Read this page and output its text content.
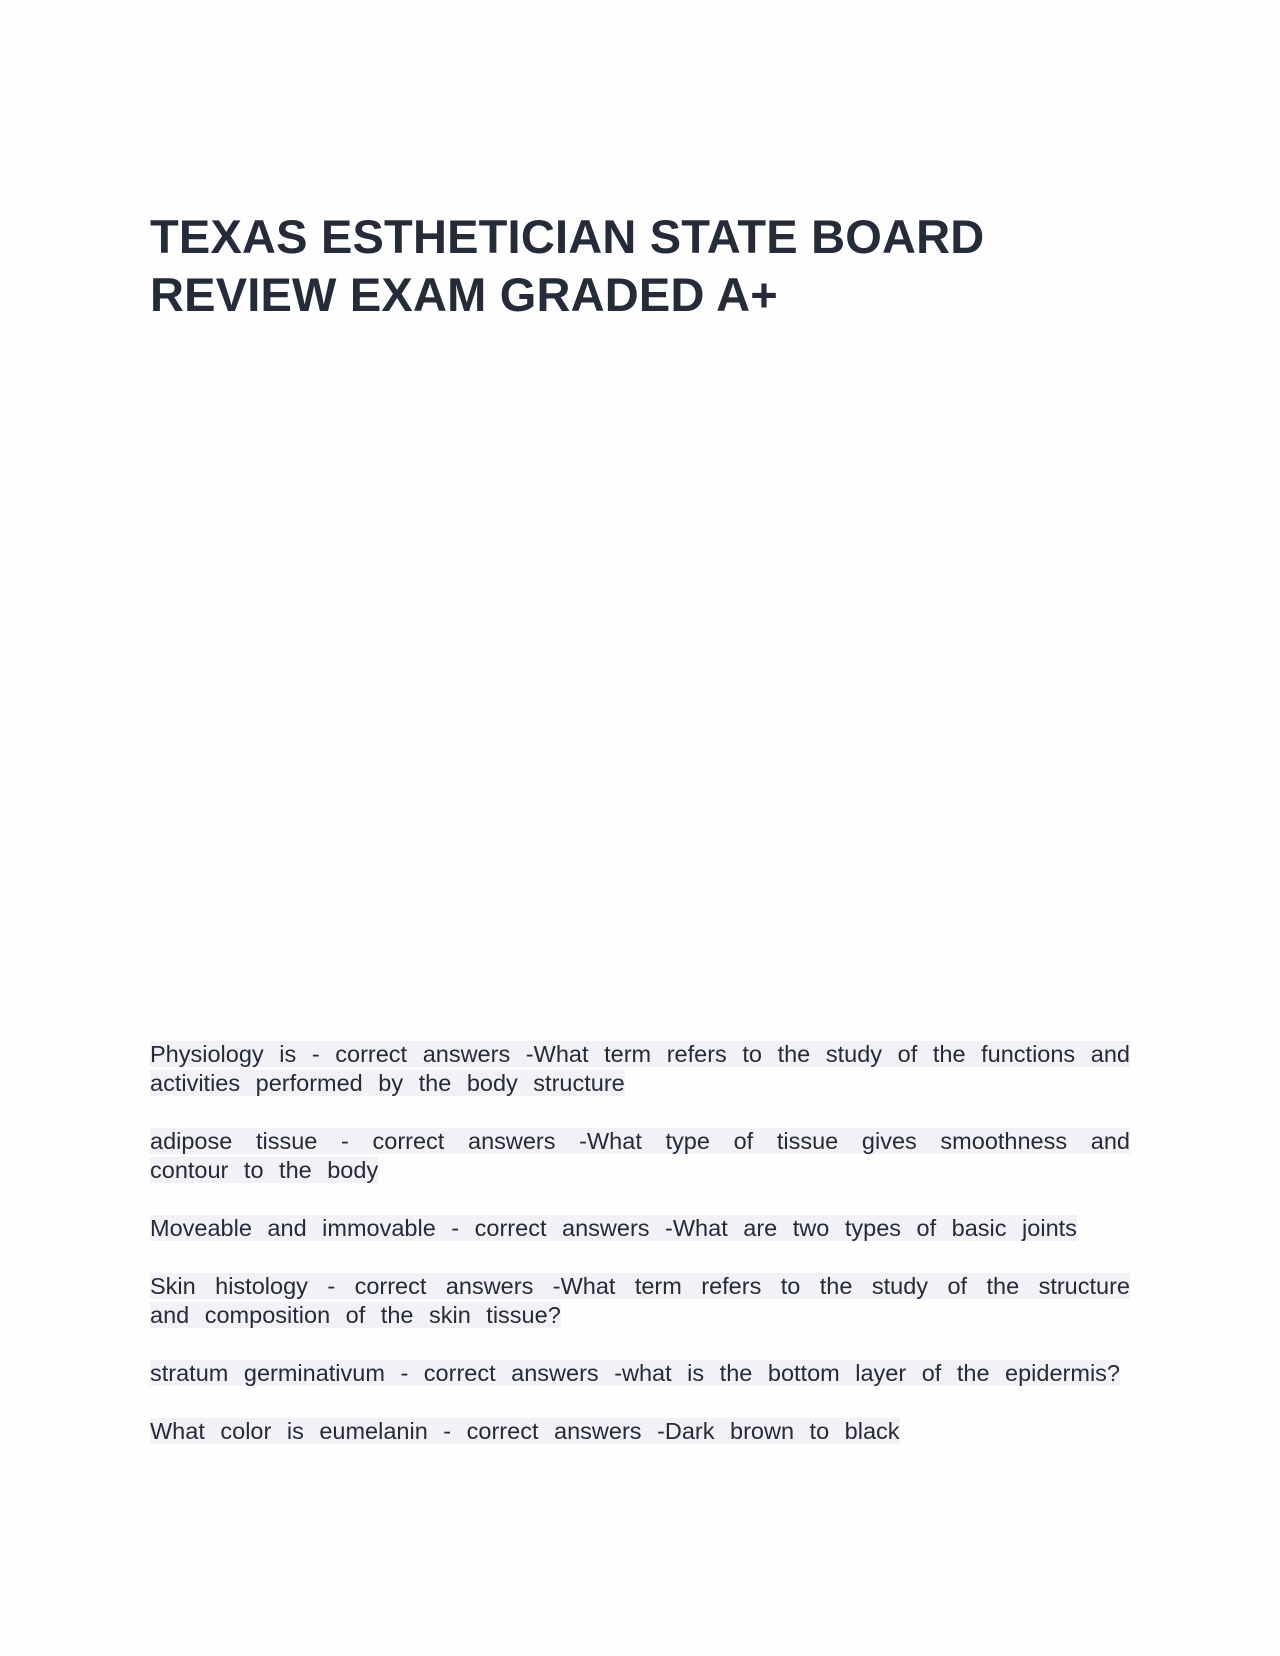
TEXAS ESTHETICIAN STATE BOARD REVIEW EXAM GRADED A+

Physiology is - correct answers -What term refers to the study of the functions and activities performed by the body structure

adipose tissue - correct answers -What type of tissue gives smoothness and contour to the body

Moveable and immovable - correct answers -What are two types of basic joints

Skin histology - correct answers -What term refers to the study of the structure and composition of the skin tissue?

stratum germinativum - correct answers -what is the bottom layer of the epidermis?

What color is eumelanin - correct answers -Dark brown to black
